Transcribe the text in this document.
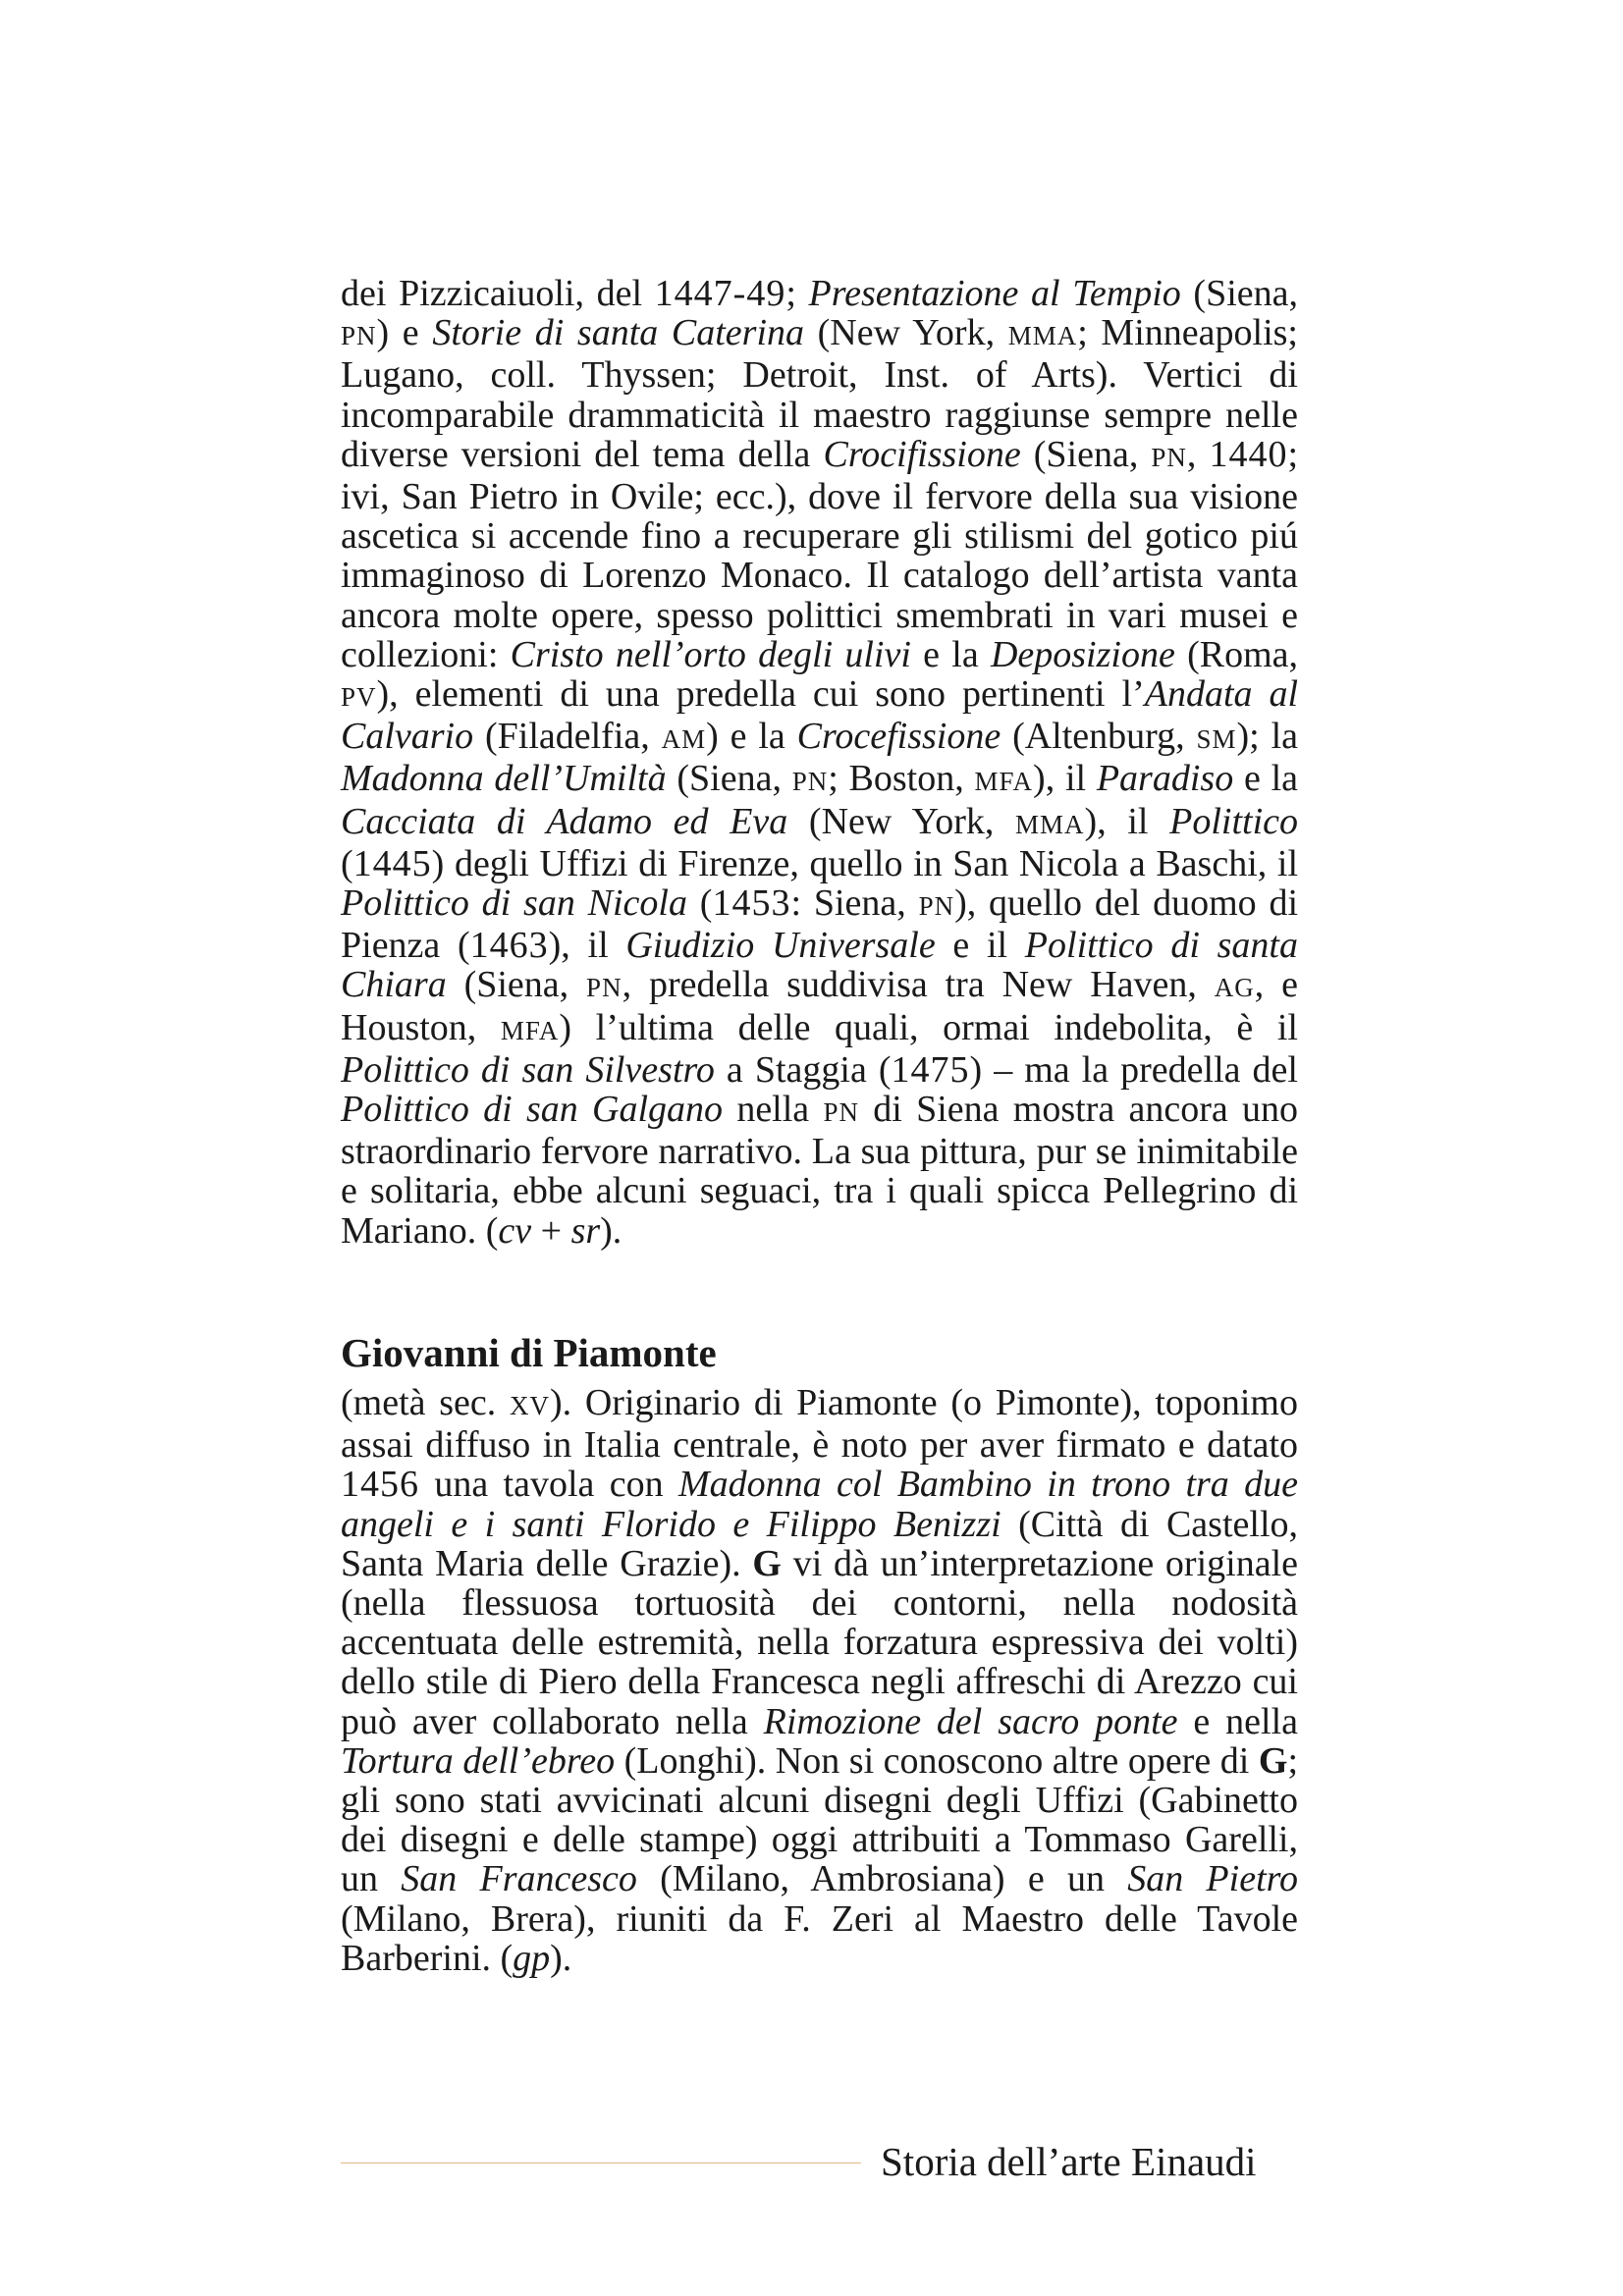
dei Pizzicaiuoli, del 1447-49; Presentazione al Tempio (Siena, PN) e Storie di santa Caterina (New York, MMA; Minneapolis; Lugano, coll. Thyssen; Detroit, Inst. of Arts). Vertici di incomparabile drammaticità il maestro raggiunse sempre nelle diverse versioni del tema della Crocifissione (Siena, PN, 1440; ivi, San Pietro in Ovile; ecc.), dove il fervore della sua visione ascetica si accende fino a recuperare gli stilismi del gotico piú immaginoso di Lorenzo Monaco. Il catalogo dell’artista vanta ancora molte opere, spesso polittici smembrati in vari musei e collezioni: Cristo nell’orto degli ulivi e la Deposizione (Roma, PV), elementi di una predella cui sono pertinenti l’Andata al Calvario (Filadelfia, AM) e la Crocefissione (Altenburg, SM); la Madonna dell’Umiltà (Siena, PN; Boston, MFA), il Paradiso e la Cacciata di Adamo ed Eva (New York, MMA), il Polittico (1445) degli Uffizi di Firenze, quello in San Nicola a Baschi, il Polittico di san Nicola (1453: Siena, PN), quello del duomo di Pienza (1463), il Giudizio Universale e il Polittico di santa Chiara (Siena, PN, predella suddivisa tra New Haven, AG, e Houston, MFA) l’ultima delle quali, ormai indebolita, è il Polittico di san Silvestro a Staggia (1475) – ma la predella del Polittico di san Galgano nella PN di Siena mostra ancora uno straordinario fervore narrativo. La sua pittura, pur se inimitabile e solitaria, ebbe alcuni seguaci, tra i quali spicca Pellegrino di Mariano. (cv + sr).
Giovanni di Piamonte
(metà sec. XV). Originario di Piamonte (o Pimonte), toponimo assai diffuso in Italia centrale, è noto per aver firmato e datato 1456 una tavola con Madonna col Bambino in trono tra due angeli e i santi Florido e Filippo Benizzi (Città di Castello, Santa Maria delle Grazie). G vi dà un’interpretazione originale (nella flessuosa tortuosità dei contorni, nella nodosità accentuata delle estremità, nella forzatura espressiva dei volti) dello stile di Piero della Francesca negli affreschi di Arezzo cui può aver collaborato nella Rimozione del sacro ponte e nella Tortura dell’ebreo (Longhi). Non si conoscono altre opere di G; gli sono stati avvicinati alcuni disegni degli Uffizi (Gabinetto dei disegni e delle stampe) oggi attribuiti a Tommaso Garelli, un San Francesco (Milano, Ambrosiana) e un San Pietro (Milano, Brera), riuniti da F. Zeri al Maestro delle Tavole Barberini. (gp).
Storia dell’arte Einaudi
